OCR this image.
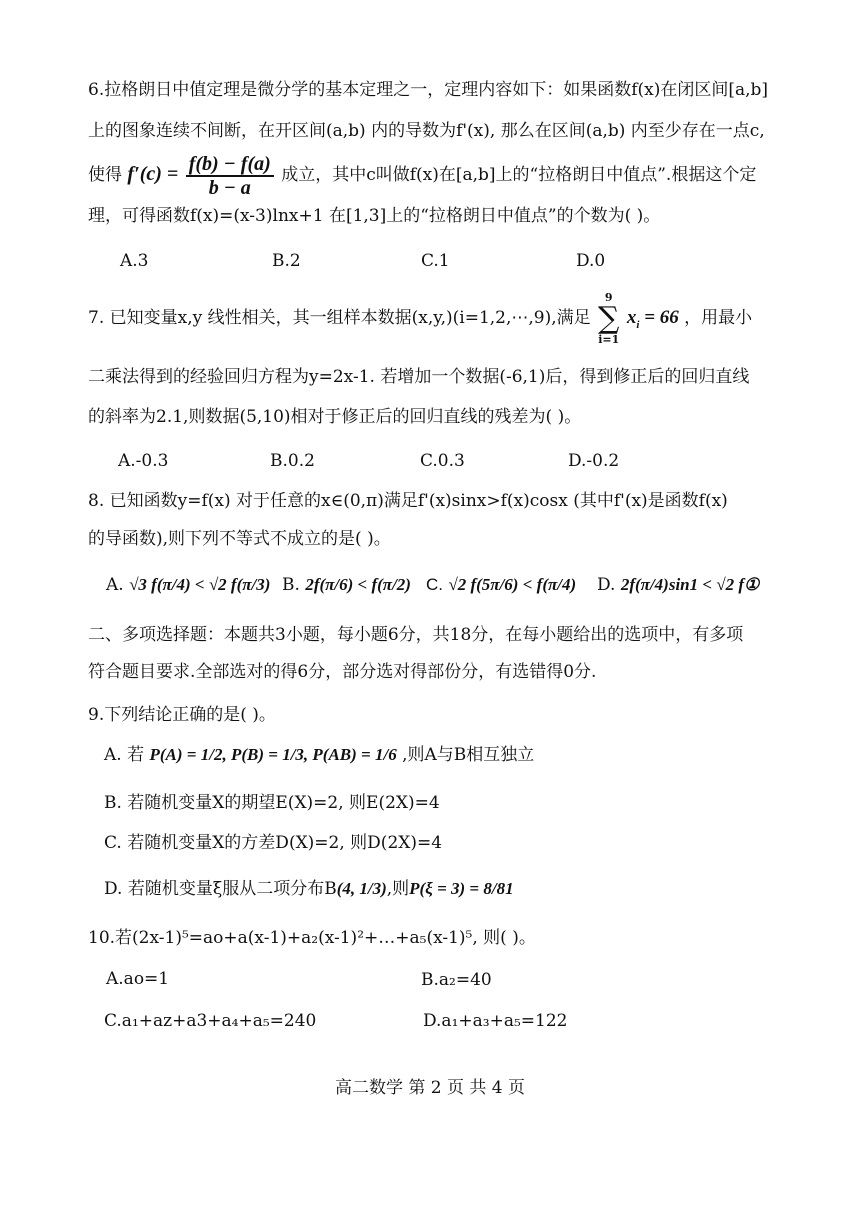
6.拉格朗日中值定理是微分学的基本定理之一，定理内容如下：如果函数f(x)在闭区间[a,b]
上的图象连续不间断，在开区间(a,b) 内的导数为f'(x), 那么在区间(a,b) 内至少存在一点c,
使得 $f'(c) = \frac{f(b) - f(a)}{b - a}$ 成立，其中c叫做f(x)在[a,b]上的“拉格朗日中值点”.根据这个定
理，可得函数f(x)=(x-3)lnx+1 在[1,3]上的“拉格朗日中值点”的个数为( )。
A.3	B.2	C.1	D.0
7. 已知变量x,y 线性相关，其一组样本数据(x,y,)(i=1,2,⋯,9),满足
9
∑
i=1
$x_i = 66$ ，用最小
二乘法得到的经验回归方程为y=2x-1. 若增加一个数据(-6,1)后，得到修正后的回归直线
的斜率为2.1,则数据(5,10)相对于修正后的回归直线的残差为( )。
A.-0.3	B.0.2	C.0.3	D.-0.2
8. 已知函数y=f(x) 对于任意的x∈(0,π)满足f'(x)sinx>f(x)cosx (其中f'(x)是函数f(x)
的导函数),则下列不等式不成立的是( )。
A. √3 f(π/4) < √2 f(π/3) B. 2f(π/6) < f(π/2) C. √2 f(5π/6) < f(π/4) D. 2f(π/4)sin1 < √2 f①
二、多项选择题：本题共3小题，每小题6分，共18分，在每小题给出的选项中，有多项
符合题目要求.全部选对的得6分，部分选对得部份分，有选错得0分.
9.下列结论正确的是( )。
A. 若 P(A) = 1/2, P(B) = 1/3, P(AB) = 1/6 ,则A与B相互独立
B. 若随机变量X的期望E(X)=2, 则E(2X)=4
C. 若随机变量X的方差D(X)=2, 则D(2X)=4
D. 若随机变量ξ服从二项分布B(4, 1/3),则P(ξ = 3) = 8/81
10.若(2x-1)⁵=ao+a(x-1)+a₂(x-1)²+…+a₅(x-1)⁵, 则( )。
A.ao=1	B.a₂=40
C.a₁+az+a3+a₄+a₅=240	D.a₁+a₃+a₅=122
高二数学 第 2 页 共 4 页
